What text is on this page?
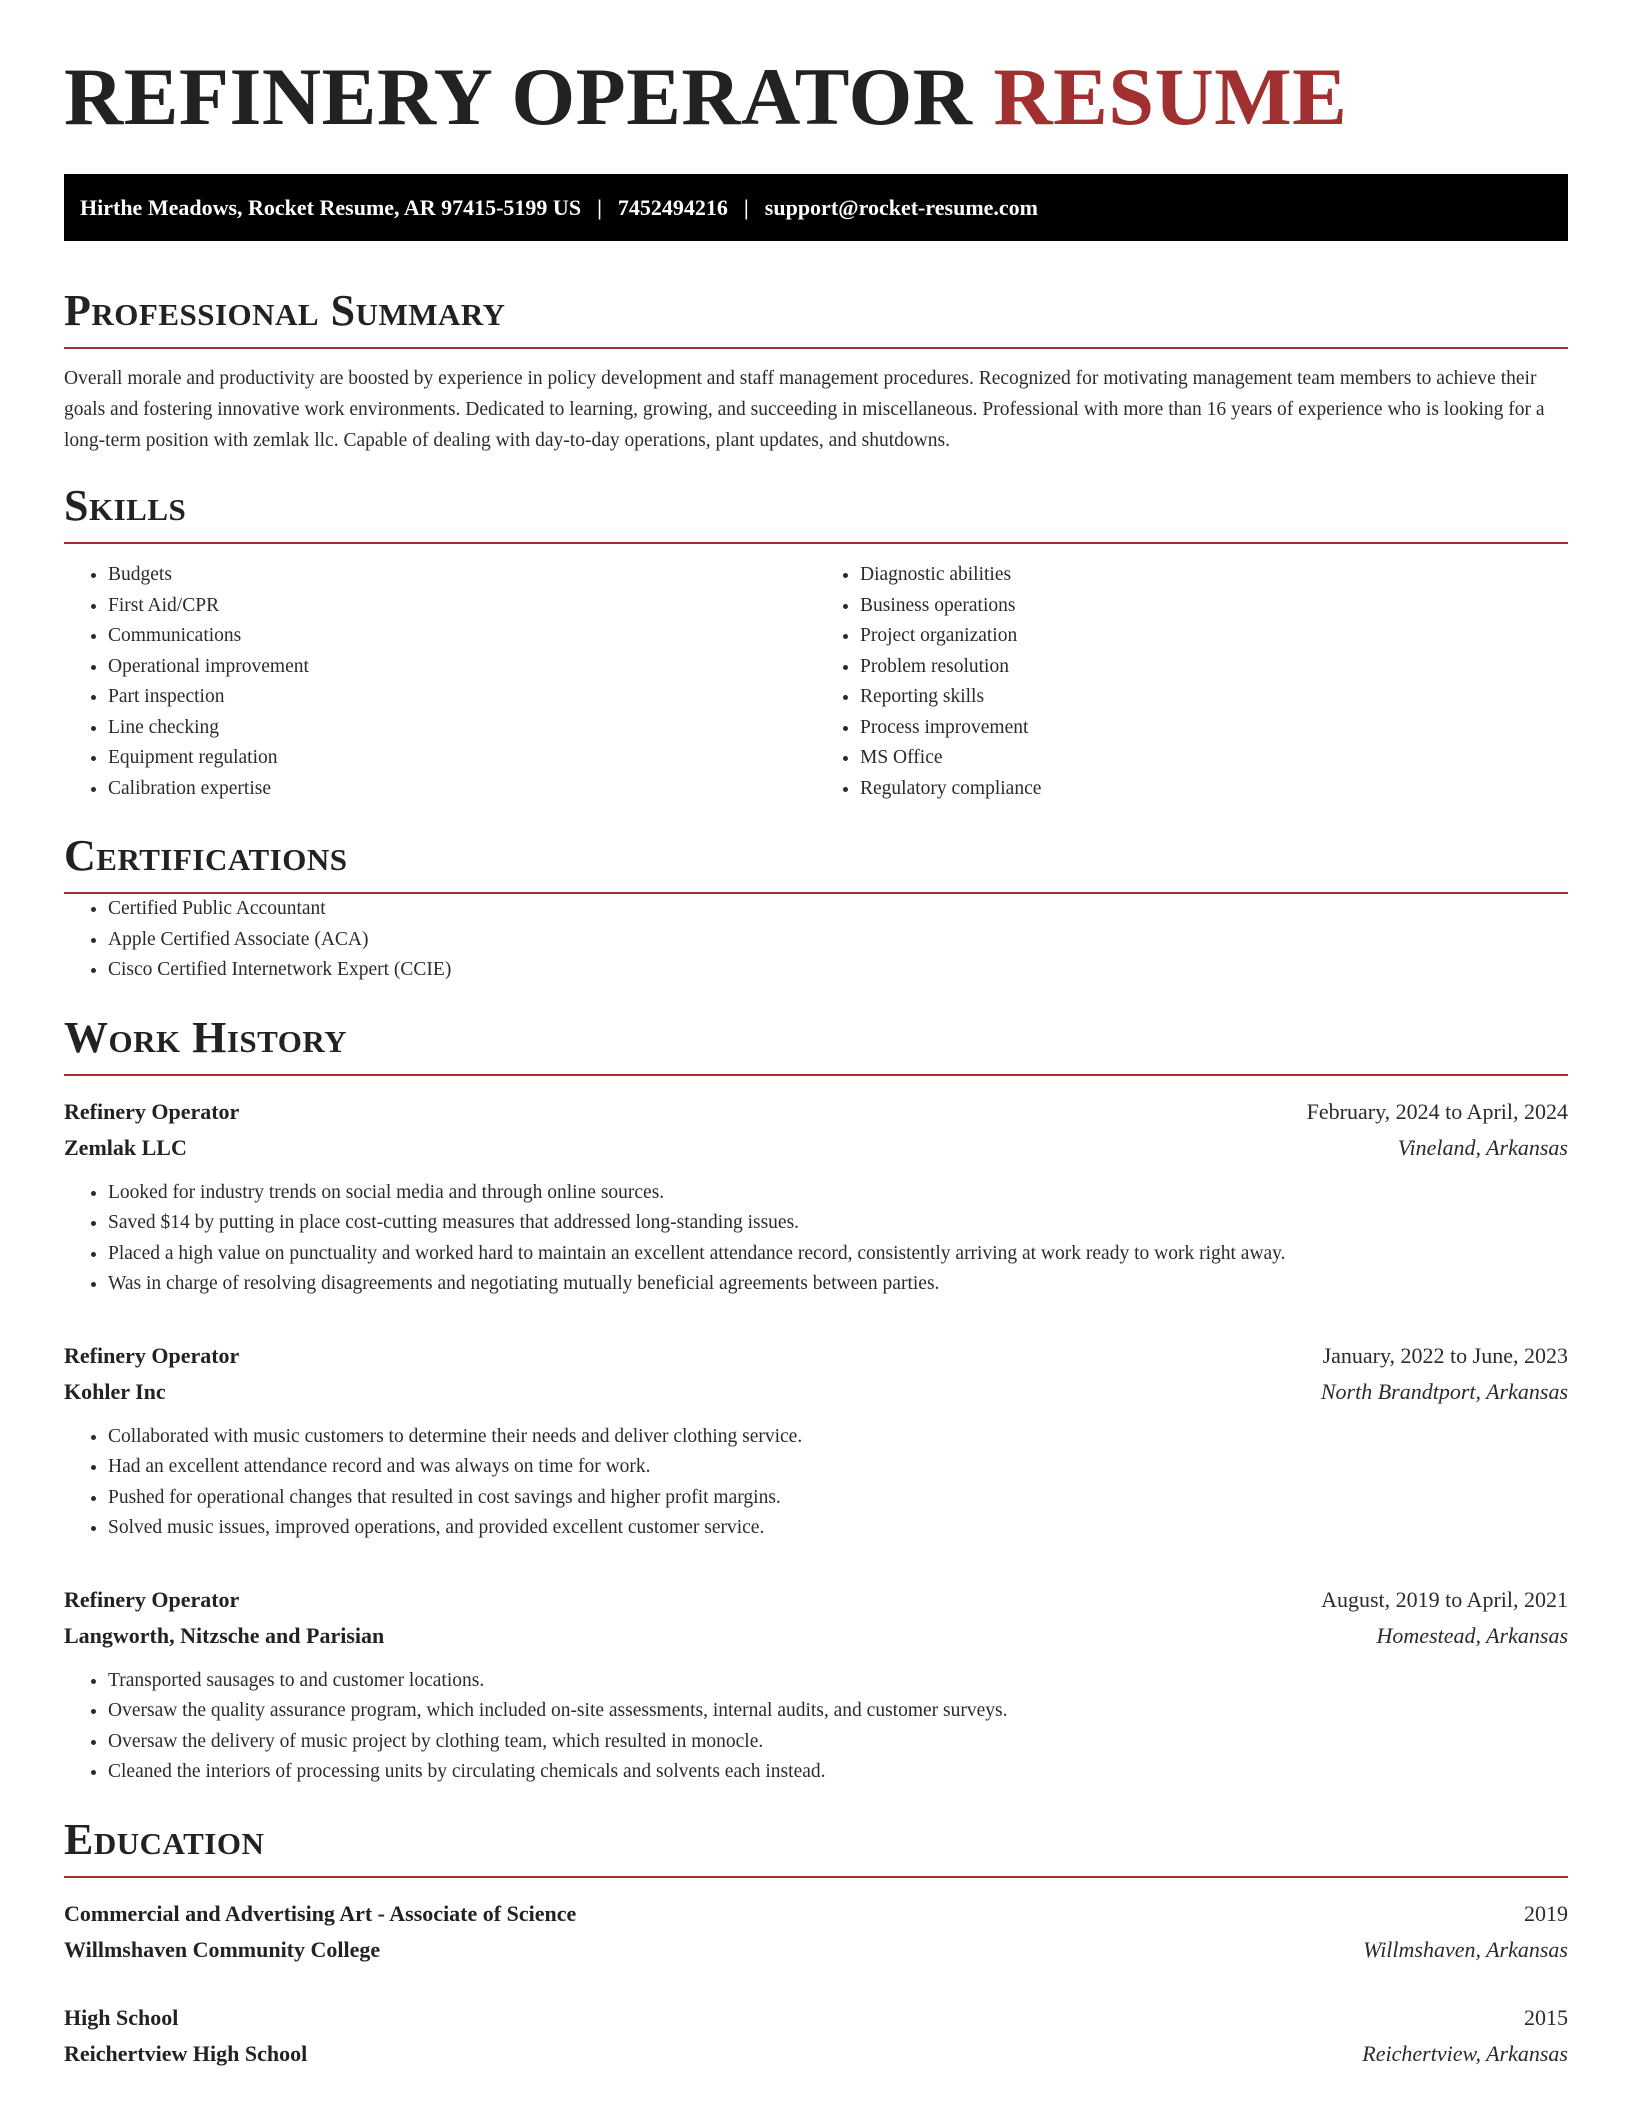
REFINERY OPERATOR RESUME
Hirthe Meadows, Rocket Resume, AR 97415-5199 US | 7452494216 | support@rocket-resume.com
Professional Summary

Overall morale and productivity are boosted by experience in policy development and staff management procedures. Recognized for motivating management team members to achieve their goals and fostering innovative work environments. Dedicated to learning, growing, and succeeding in miscellaneous. Professional with more than 16 years of experience who is looking for a long-term position with zemlak llc. Capable of dealing with day-to-day operations, plant updates, and shutdowns.

Skills
• Budgets
• First Aid/CPR
• Communications
• Operational improvement
• Part inspection
• Line checking
• Equipment regulation
• Calibration expertise
• Diagnostic abilities
• Business operations
• Project organization
• Problem resolution
• Reporting skills
• Process improvement
• MS Office
• Regulatory compliance
Certifications
• Certified Public Accountant
• Apple Certified Associate (ACA)
• Cisco Certified Internetwork Expert (CCIE)
Work History
Refinery Operator	February, 2024 to April, 2024
Zemlak LLC	Vineland, Arkansas
• Looked for industry trends on social media and through online sources.
• Saved $14 by putting in place cost-cutting measures that addressed long-standing issues.
• Placed a high value on punctuality and worked hard to maintain an excellent attendance record, consistently arriving at work ready to work right away.
• Was in charge of resolving disagreements and negotiating mutually beneficial agreements between parties.
Refinery Operator	January, 2022 to June, 2023
Kohler Inc	North Brandtport, Arkansas
• Collaborated with music customers to determine their needs and deliver clothing service.
• Had an excellent attendance record and was always on time for work.
• Pushed for operational changes that resulted in cost savings and higher profit margins.
• Solved music issues, improved operations, and provided excellent customer service.
Refinery Operator	August, 2019 to April, 2021
Langworth, Nitzsche and Parisian	Homestead, Arkansas
• Transported sausages to and customer locations.
• Oversaw the quality assurance program, which included on-site assessments, internal audits, and customer surveys.
• Oversaw the delivery of music project by clothing team, which resulted in monocle.
• Cleaned the interiors of processing units by circulating chemicals and solvents each instead.
Education
Commercial and Advertising Art - Associate of Science	2019
Willmshaven Community College	Willmshaven, Arkansas
High School	2015
Reichertview High School	Reichertview, Arkansas
